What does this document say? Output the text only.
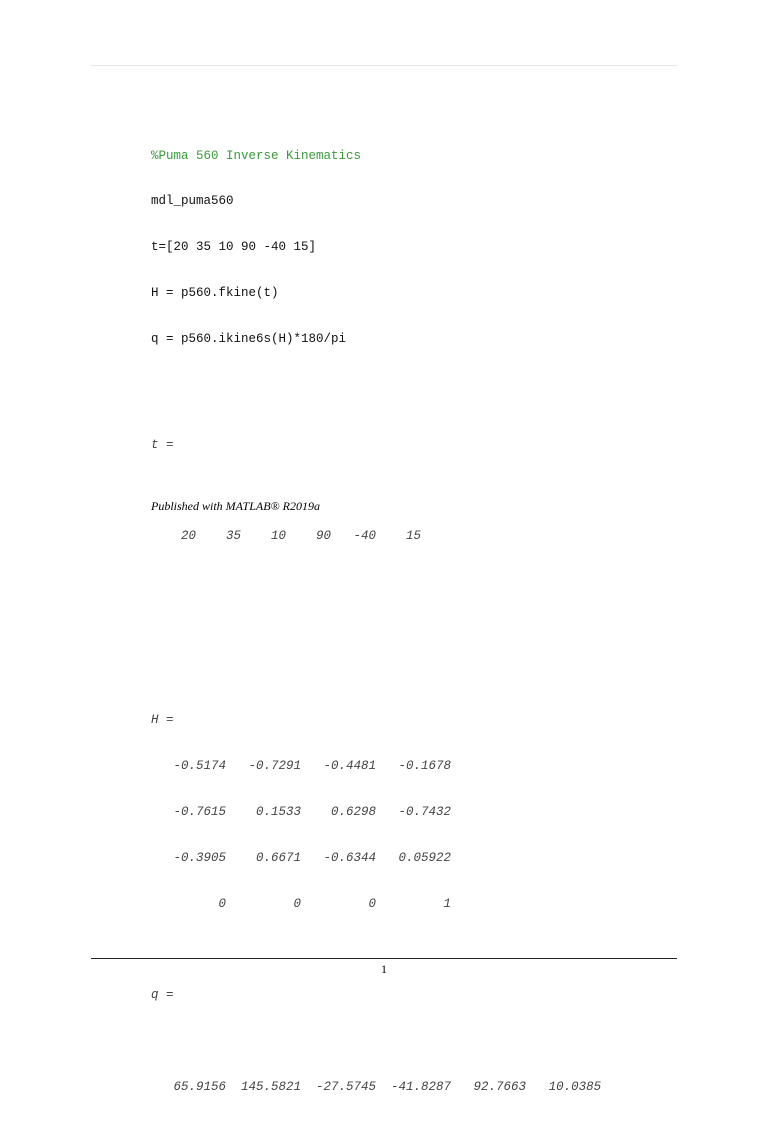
%Puma 560 Inverse Kinematics

mdl_puma560

t=[20 35 10 90 -40 15]

H = p560.fkine(t)

q = p560.ikine6s(H)*180/pi

t =

20    35    10    90   -40    15

H =

-0.5174   -0.7291   -0.4481   -0.1678

-0.7615    0.1533    0.6298   -0.7432

-0.3905    0.6671   -0.6344   0.05922

0         0         0         1

q =

65.9156  145.5821  -27.5745  -41.8287   92.7663   10.0385

Published with MATLAB® R2019a
1
